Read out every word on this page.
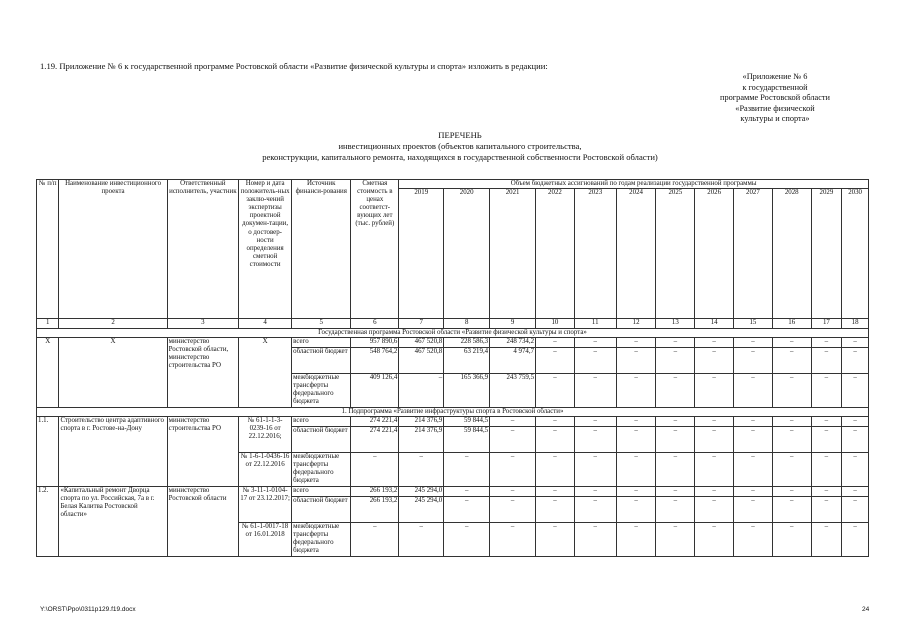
1.19. Приложение № 6 к государственной программе Ростовской области «Развитие физической культуры и спорта» изложить в редакции:
«Приложение № 6
к государственной
программе Ростовской области
«Развитие физической
культуры и спорта»
ПЕРЕЧЕНЬ
инвестиционных проектов (объектов капитального строительства,
реконструкции, капитального ремонта, находящихся в государственной собственности Ростовской области)
№ п/п	Наименование инвестиционного проекта	Ответственный исполнитель, участник	Номер и дата положитель-ных заклю-чений экспертизы проектной докумен-тации, о достовер-ности определения сметной стоимости	Источник финанси-рования	Сметная стоимость в ценах соответст-вующих лет (тыс. рублей)	Объем бюджетных ассигнований по годам реализации государственной программы											
						2019	2020	2021	2022	2023	2024	2025	2026	2027	2028	2029	2030
1	2	3	4	5	6	7	8	9	10	11	12	13	14	15	16	17	18
Государственная программа Ростовской области «Развитие физической культуры и спорта»																	
Х	Х	министерство Ростовской области, министерство строительства РО	Х	всего	957 890,6	467 520,8	228 586,3	248 734,2	–	–	–	–	–	–	–	–	–
				областной бюджет	548 764,2	467 520,8	63 219,4	4 974,7	–	–	–	–	–	–	–	–	–
				межбюджетные трансферты федерального бюджета	409 126,4	–	165 366,9	243 759,5	–	–	–	–	–	–	–	–	–
1. Подпрограмма «Развитие инфраструктуры спорта в Ростовской области»																	
1.1.	Строительство центра адаптивного спорта в г. Ростове-на-Дону	министерство строительства РО	№ 61-1-1-3-0239-16 от 22.12.2016;	всего	274 221,4	214 376,9	59 844,5	–	–	–	–	–	–	–	–	–	–
				областной бюджет	274 221,4	214 376,9	59 844,5	–	–	–	–	–	–	–	–	–	–
			№ 1-6-1-0436-16 от 22.12.2016	межбюджетные трансферты федерального бюджета	–	–	–	–	–	–	–	–	–	–	–	–	–
1.2.	«Капитальный ремонт Дворца спорта по ул. Российская, 7а в г. Белая Калитва Ростовской области»	министерство Ростовской области	№ 3-11-1-0104-17 от 23.12.2017;	всего	266 193,2	245 294,0	–	–	–	–	–	–	–	–	–	–	–
				областной бюджет	266 193,2	245 294,0	–	–	–	–	–	–	–	–	–	–	–
			№ 61-1-0017-18 от 16.01.2018	межбюджетные трансферты федерального бюджета	–	–	–	–	–	–	–	–	–	–	–	–	–
Y:\ORST\Ppo\0311p129.f19.docx	24
